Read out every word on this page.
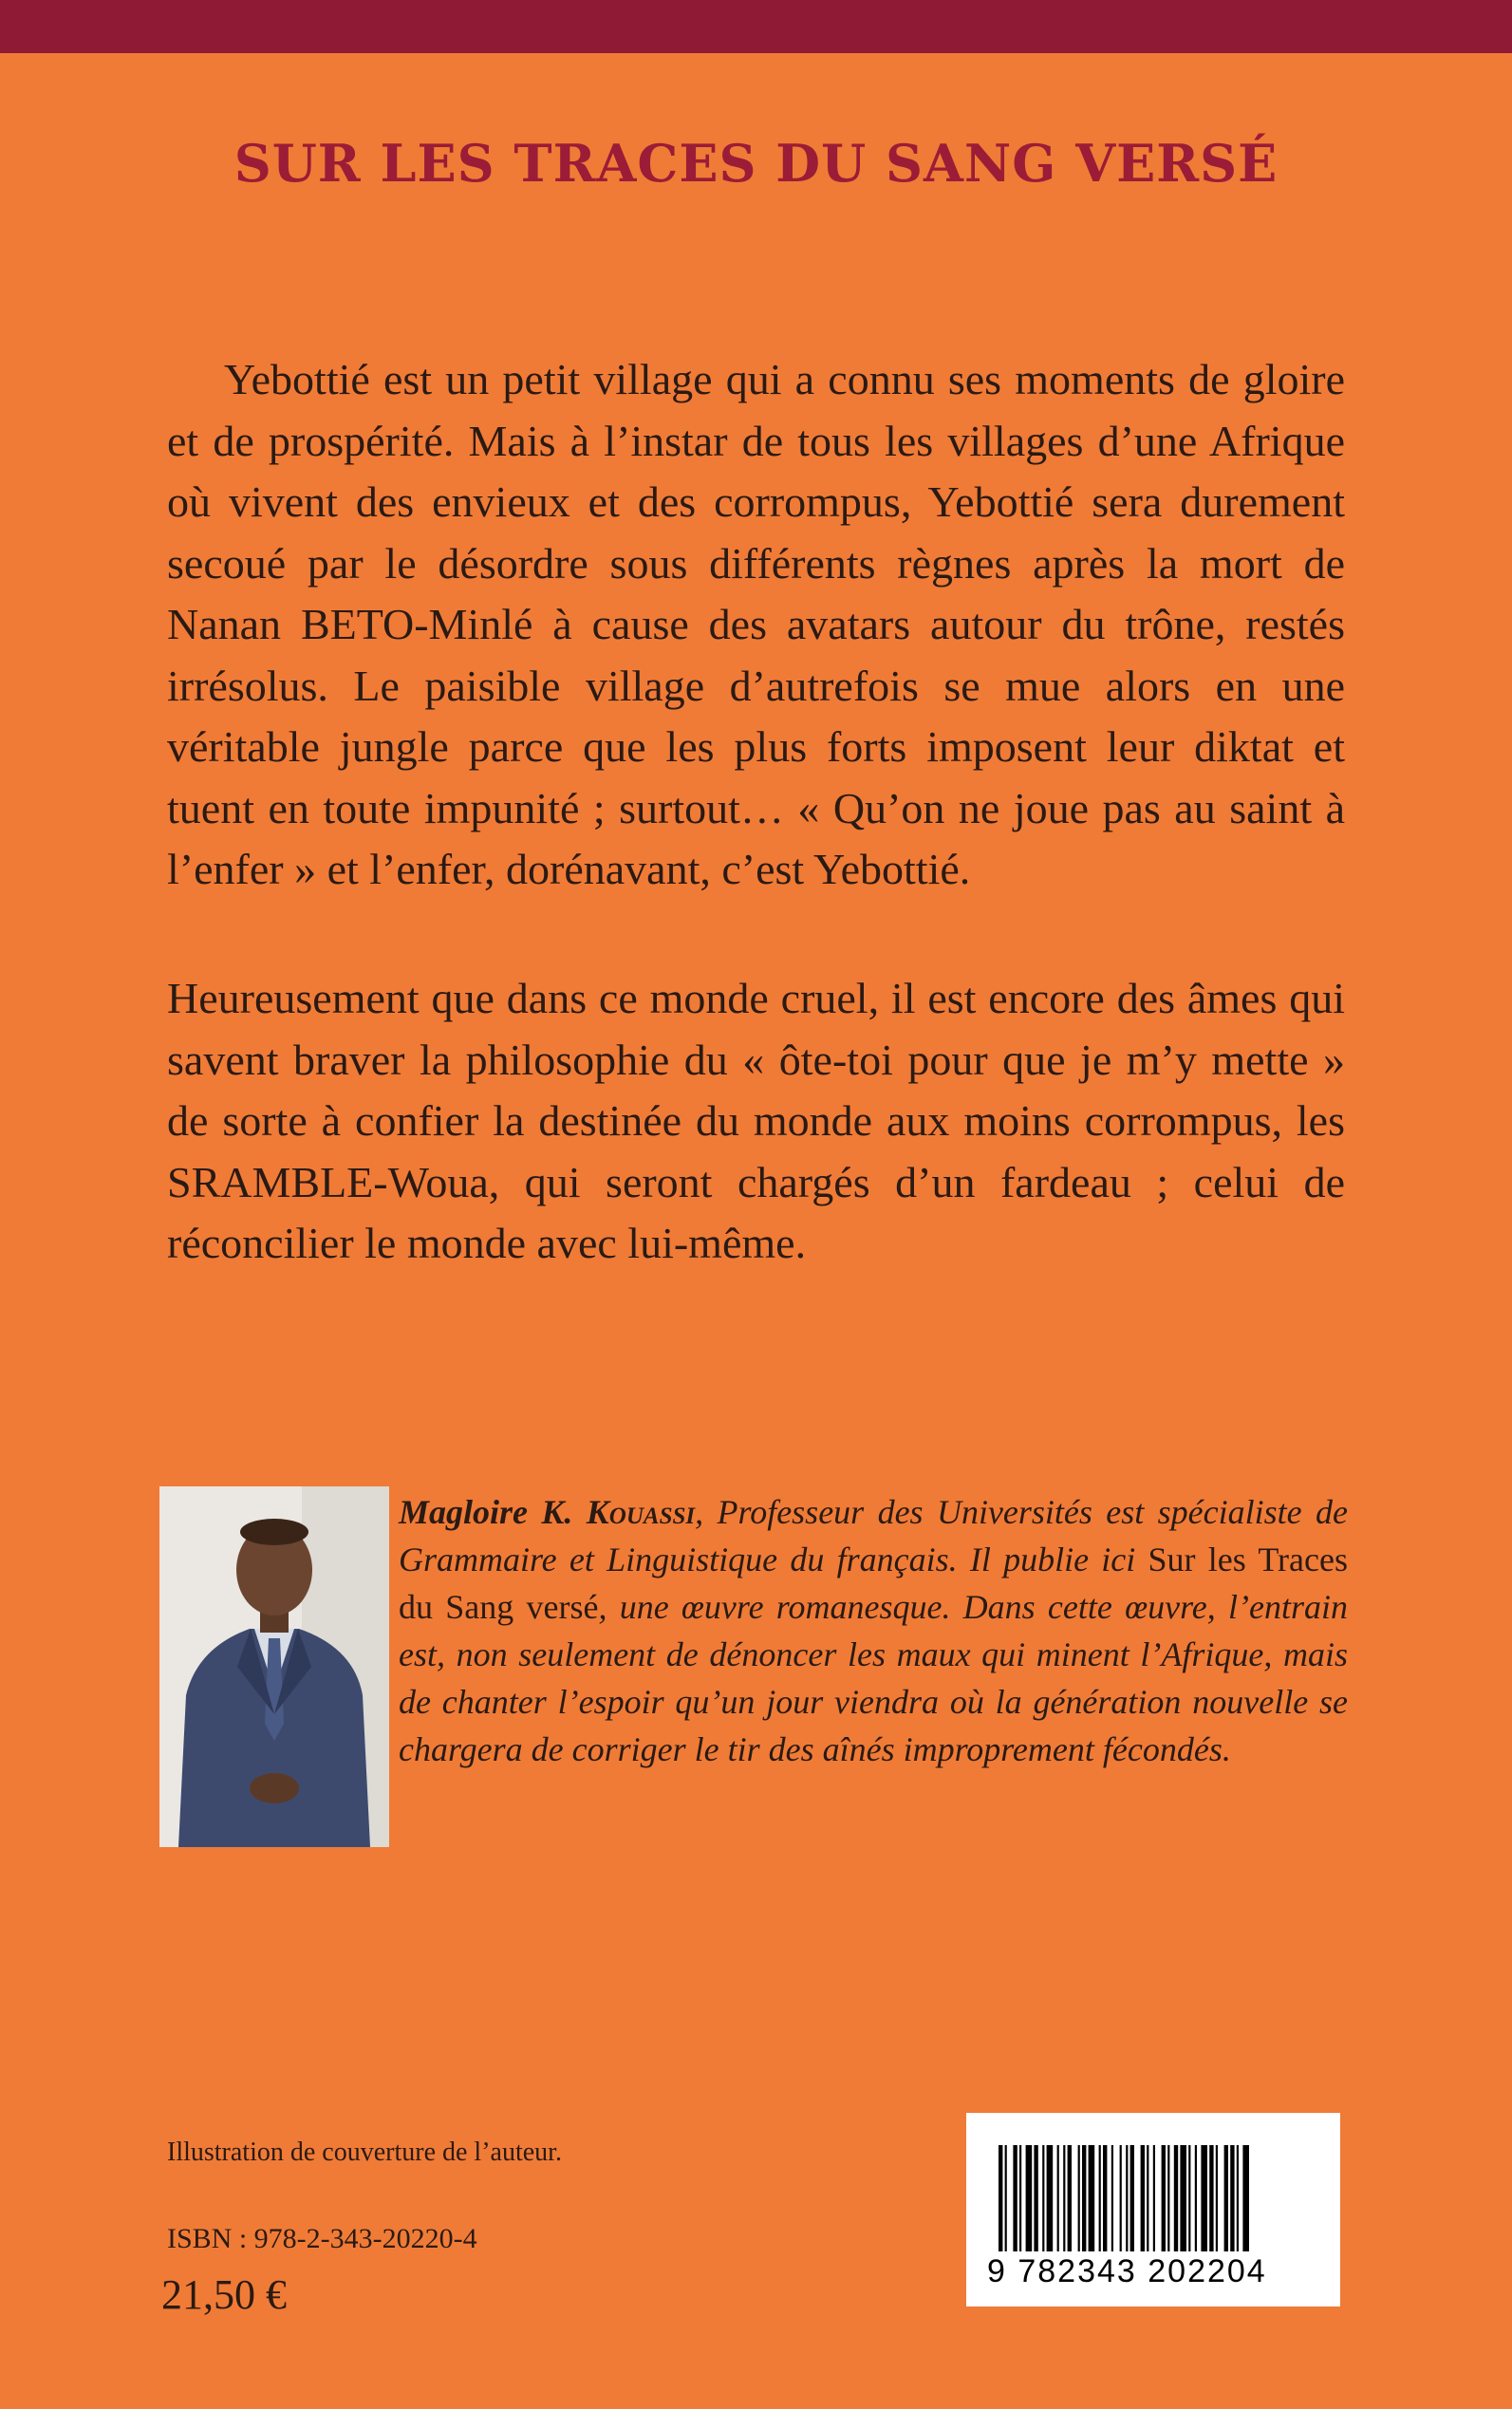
SUR LES TRACES DU SANG VERSÉ

Yebottié est un petit village qui a connu ses moments de gloire et de prospérité. Mais à l’instar de tous les villages d’une Afrique où vivent des envieux et des corrompus, Yebottié sera durement secoué par le désordre sous différents règnes après la mort de Nanan BETO-Minlé à cause des avatars autour du trône, restés irrésolus. Le paisible village d’autrefois se mue alors en une véritable jungle parce que les plus forts imposent leur diktat et tuent en toute impunité ; surtout… « Qu’on ne joue pas au saint à l’enfer » et l’enfer, dorénavant, c’est Yebottié.

Heureusement que dans ce monde cruel, il est encore des âmes qui savent braver la philosophie du « ôte-toi pour que je m’y mette » de sorte à confier la destinée du monde aux moins corrompus, les SRAMBLE-Woua, qui seront chargés d’un fardeau ; celui de réconcilier le monde avec lui-même.

Magloire K. Kouassi, Professeur des Universités est spécialiste de Grammaire et Linguistique du français. Il publie ici Sur les Traces du Sang versé, une œuvre romanesque. Dans cette œuvre, l’entrain est, non seulement de dénoncer les maux qui minent l’Afrique, mais de chanter l’espoir qu’un jour viendra où la génération nouvelle se chargera de corriger le tir des aînés improprement fécondés.

Illustration de couverture de l’auteur.
ISBN : 978-2-343-20220-4
21,50 €	9 782343 202204
